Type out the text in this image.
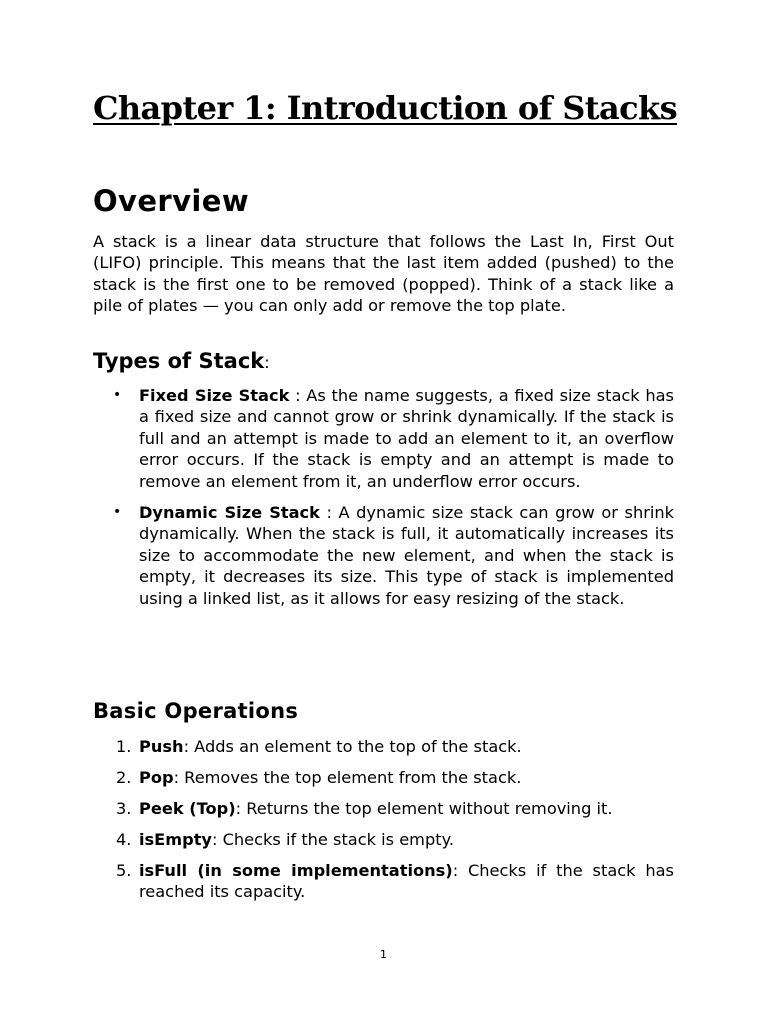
Chapter 1: Introduction of Stacks
Overview

A stack is a linear data structure that follows the Last In, First Out (LIFO) principle. This means that the last item added (pushed) to the stack is the first one to be removed (popped). Think of a stack like a pile of plates — you can only add or remove the top plate.

Types of Stack:
• Fixed Size Stack : As the name suggests, a fixed size stack has a fixed size and cannot grow or shrink dynamically. If the stack is full and an attempt is made to add an element to it, an overflow error occurs. If the stack is empty and an attempt is made to remove an element from it, an underflow error occurs.
• Dynamic Size Stack : A dynamic size stack can grow or shrink dynamically. When the stack is full, it automatically increases its size to accommodate the new element, and when the stack is empty, it decreases its size. This type of stack is implemented using a linked list, as it allows for easy resizing of the stack.
Basic Operations
1. Push: Adds an element to the top of the stack.
2. Pop: Removes the top element from the stack.
3. Peek (Top): Returns the top element without removing it.
4. isEmpty: Checks if the stack is empty.
5. isFull (in some implementations): Checks if the stack has reached its capacity.
1
